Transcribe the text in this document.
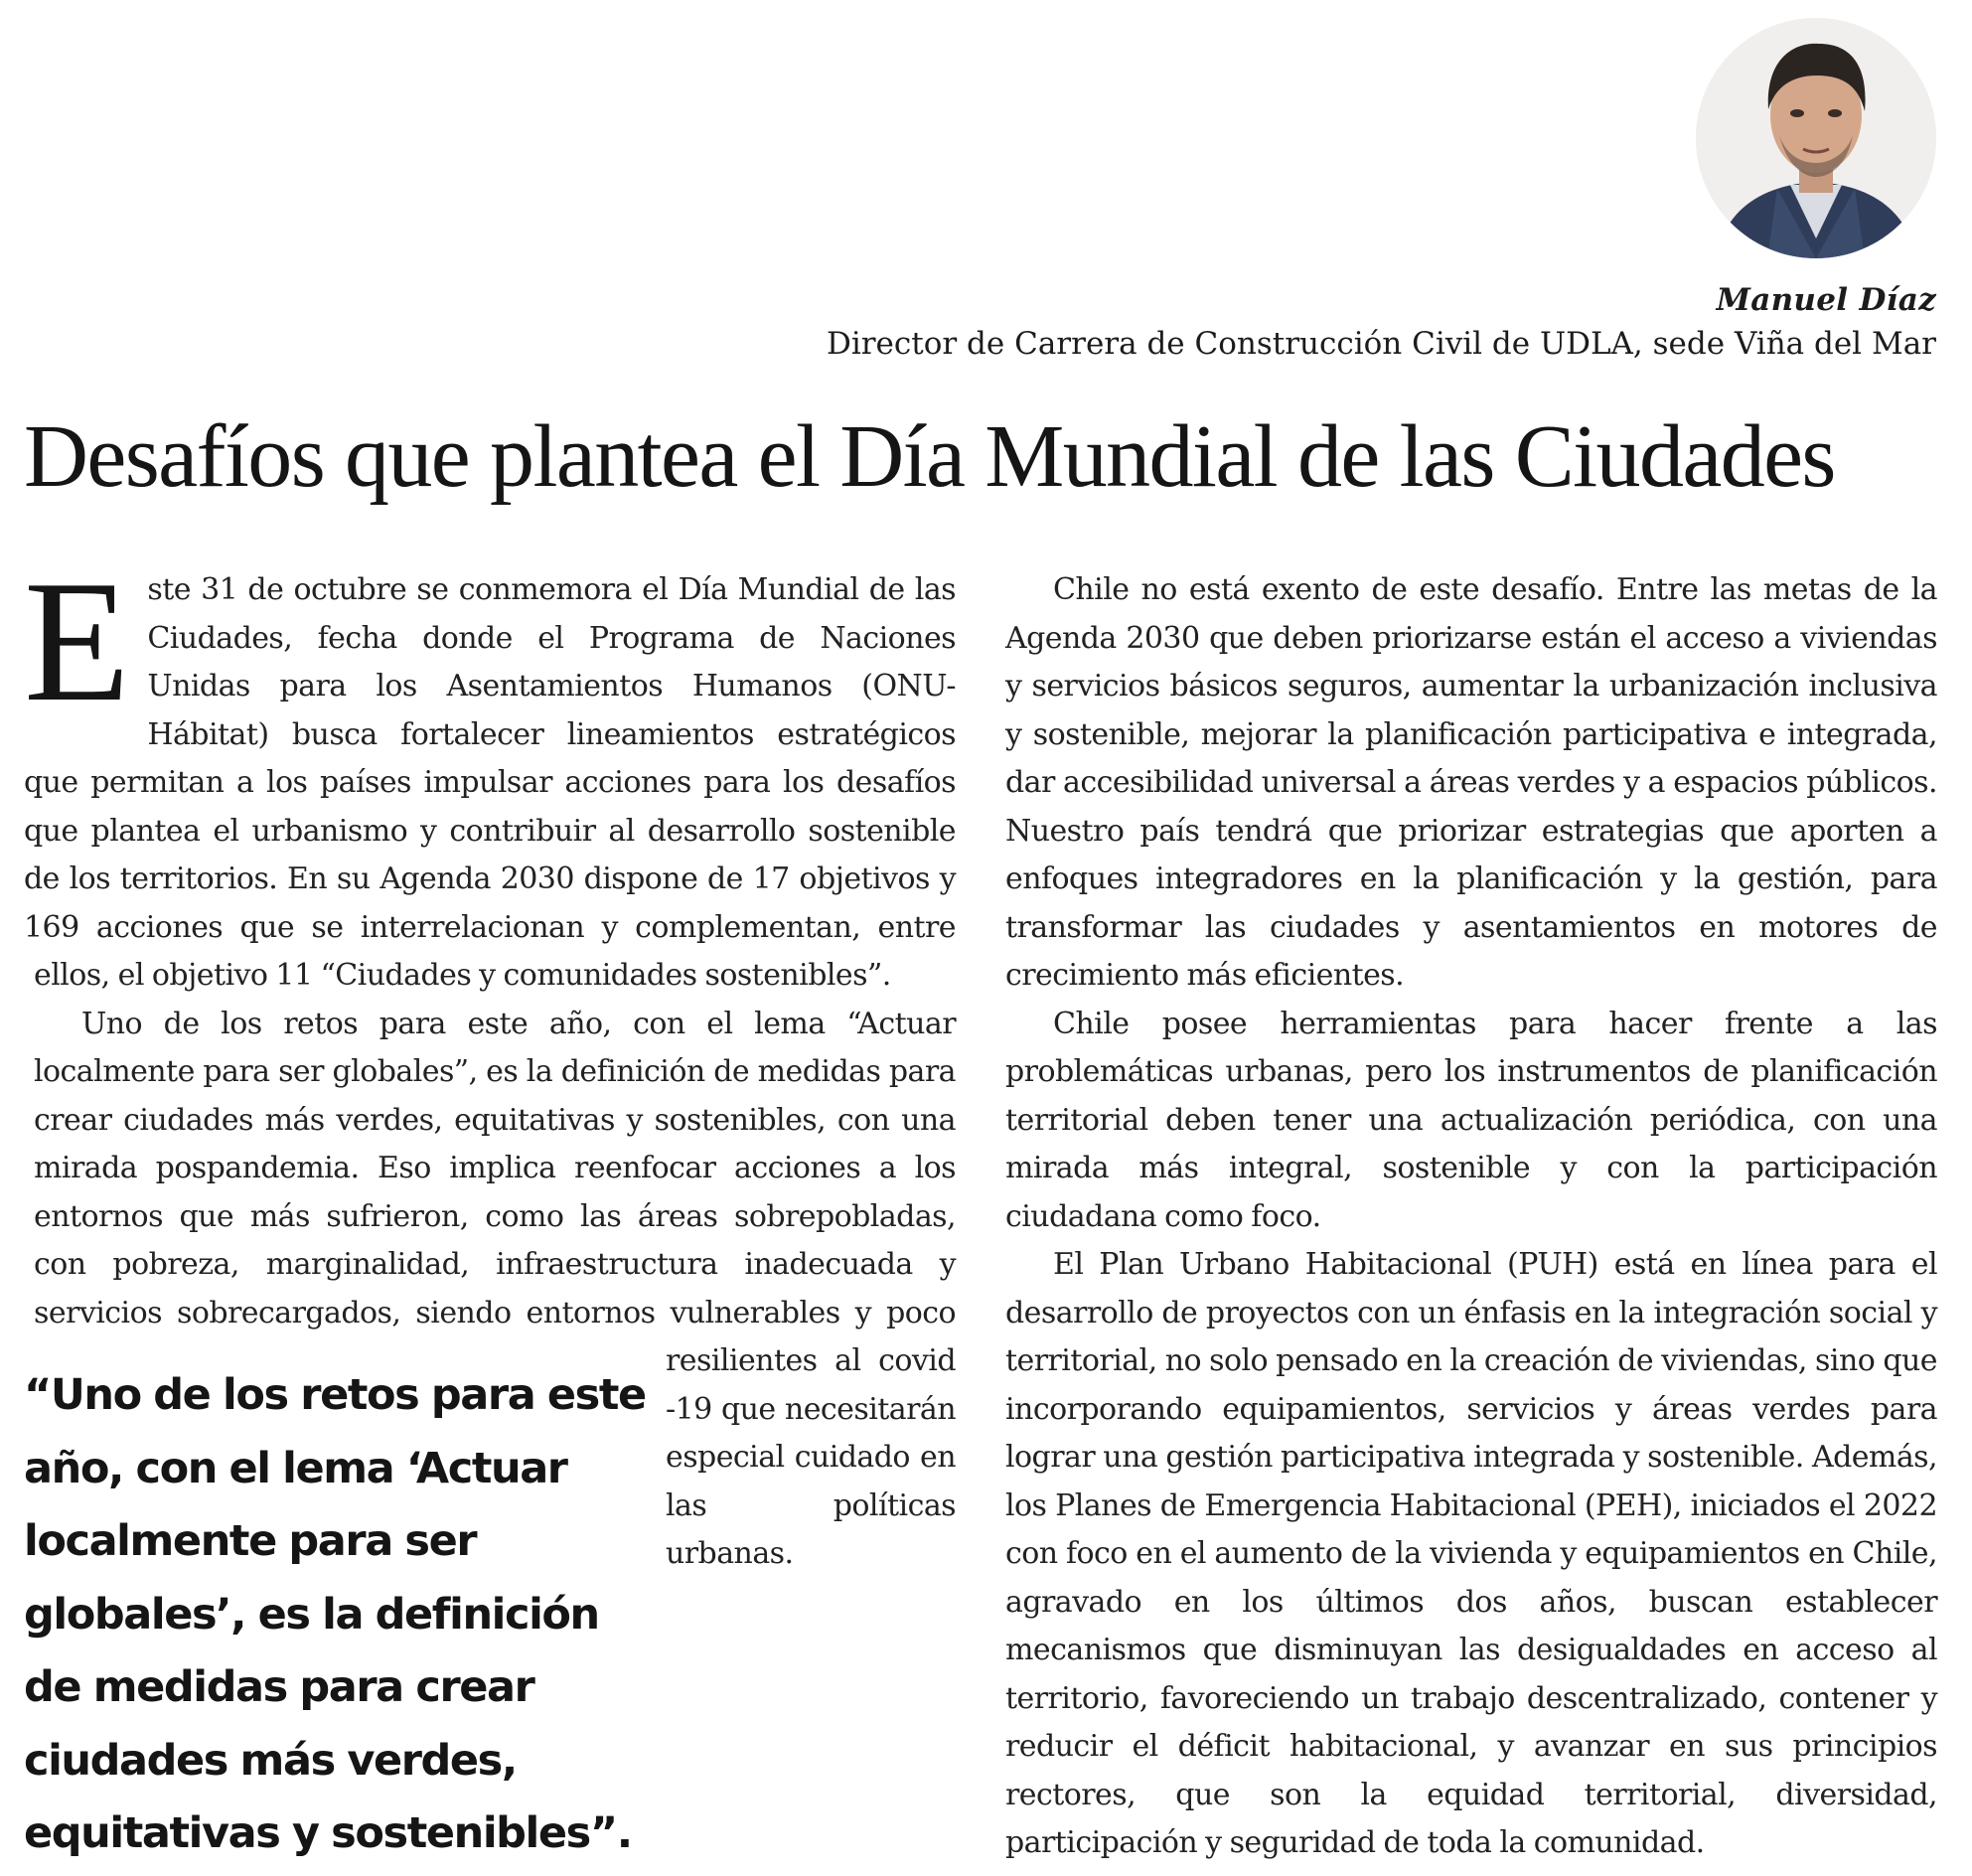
Manuel Díaz
Director de Carrera de Construcción Civil de UDLA, sede Viña del Mar
Desafíos que plantea el Día Mundial de las Ciudades
Este 31 de octubre se conmemora el Día Mundial de las Ciudades, fecha donde el Programa de Naciones Unidas para los Asentamientos Humanos (ONU-Hábitat) busca fortalecer lineamientos estratégicos que permitan a los países impulsar acciones para los desafíos que plantea el urbanismo y contribuir al desarrollo sostenible de los territorios. En su Agenda 2030 dispone de 17 objetivos y 169 acciones que se interrelacionan y complementan, entre ellos, el objetivo 11 “Ciudades y comunidades sostenibles”.
“Uno de los retos para este año, con el lema ‘Actuar localmente para ser globales’, es la definición de medidas para crear ciudades más verdes, equitativas y sostenibles”.

Uno de los retos para este año, con el lema “Actuar localmente para ser globales”, es la definición de medidas para crear ciudades más verdes, equitativas y sostenibles, con una mirada pospandemia. Eso implica reenfocar acciones a los entornos que más sufrieron, como las áreas sobrepobladas, con pobreza, marginalidad, infraestructura inadecuada y servicios sobrecargados, siendo entornos vulnerables y poco resilientes al covid -19 que necesitarán especial cuidado en las políticas urbanas.

Chile no está exento de este desafío. Entre las metas de la Agenda 2030 que deben priorizarse están el acceso a viviendas y servicios básicos seguros, aumentar la urbanización inclusiva y sostenible, mejorar la planificación participativa e integrada, dar accesibilidad universal a áreas verdes y a espacios públicos. Nuestro país tendrá que priorizar estrategias que aporten a enfoques integradores en la planificación y la gestión, para transformar las ciudades y asentamientos en motores de crecimiento más eficientes.

Chile posee herramientas para hacer frente a las problemáticas urbanas, pero los instrumentos de planificación territorial deben tener una actualización periódica, con una mirada más integral, sostenible y con la participación ciudadana como foco.

El Plan Urbano Habitacional (PUH) está en línea para el desarrollo de proyectos con un énfasis en la integración social y territorial, no solo pensado en la creación de viviendas, sino que incorporando equipamientos, servicios y áreas verdes para lograr una gestión participativa integrada y sostenible. Además, los Planes de Emergencia Habitacional (PEH), iniciados el 2022 con foco en el aumento de la vivienda y equipamientos en Chile, agravado en los últimos dos años, buscan establecer mecanismos que disminuyan las desigualdades en acceso al territorio, favoreciendo un trabajo descentralizado, contener y reducir el déficit habitacional, y avanzar en sus principios rectores, que son la equidad territorial, diversidad, participación y seguridad de toda la comunidad.
